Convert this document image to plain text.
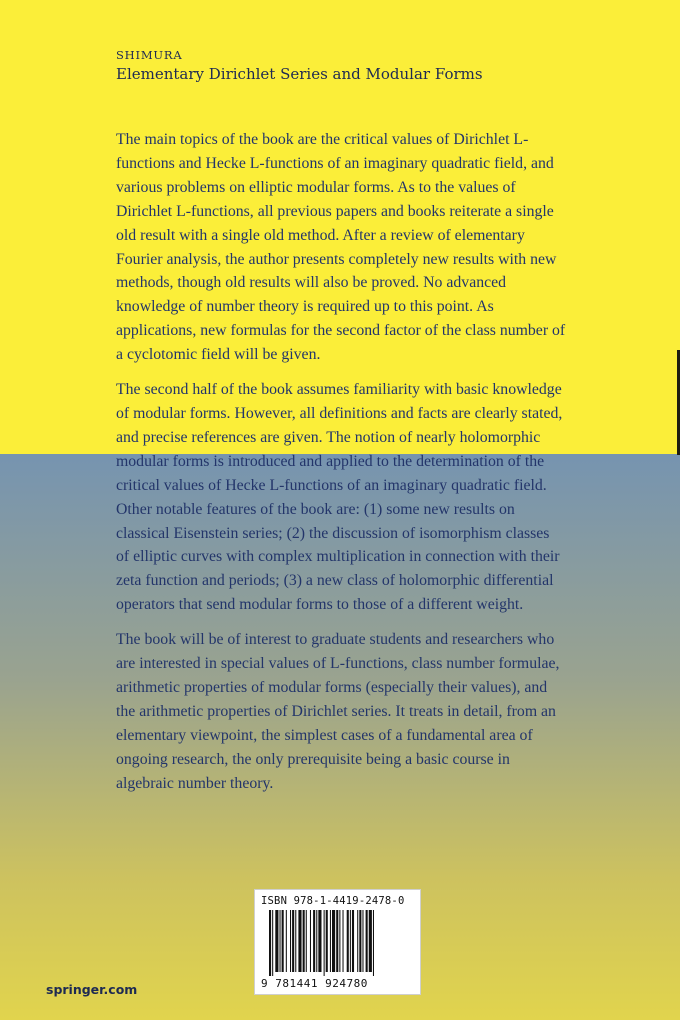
SHIMURA
Elementary Dirichlet Series and Modular Forms

The main topics of the book are the critical values of Dirichlet L-functions and Hecke L-functions of an imaginary quadratic field, and various problems on elliptic modular forms. As to the values of Dirichlet L-functions, all previous papers and books reiterate a single old result with a single old method. After a review of elementary Fourier analysis, the author presents completely new results with new methods, though old results will also be proved. No advanced knowledge of number theory is required up to this point. As applications, new formulas for the second factor of the class number of a cyclotomic field will be given.

The second half of the book assumes familiarity with basic knowledge of modular forms. However, all definitions and facts are clearly stated, and precise references are given. The notion of nearly holomorphic modular forms is introduced and applied to the determination of the critical values of Hecke L-functions of an imaginary quadratic field. Other notable features of the book are: (1) some new results on classical Eisenstein series; (2) the discussion of isomorphism classes of elliptic curves with complex multiplication in connection with their zeta function and periods; (3) a new class of holomorphic differential operators that send modular forms to those of a different weight.

The book will be of interest to graduate students and researchers who are interested in special values of L-functions, class number formulae, arithmetic properties of modular forms (especially their values), and the arithmetic properties of Dirichlet series. It treats in detail, from an elementary viewpoint, the simplest cases of a fundamental area of ongoing research, the only prerequisite being a basic course in algebraic number theory.

springer.com
ISBN 978-1-4419-2478-0
9 781441 924780
